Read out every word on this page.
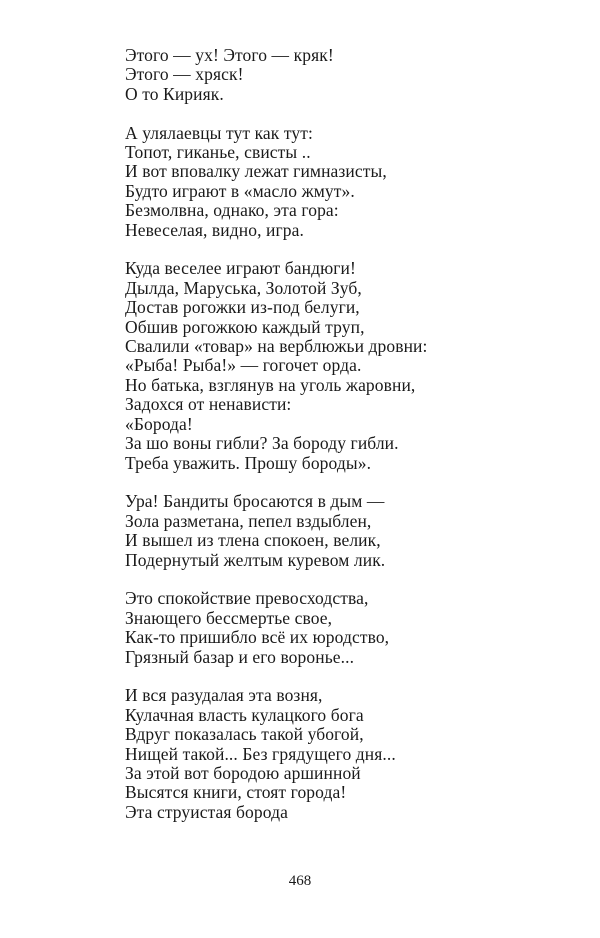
Этого — ух! Этого — кряк!
Этого — хряск!
О то Кирияк.
А улялаевцы тут как тут:
Топот, гиканье, свисты ..
И вот вповалку лежат гимназисты,
Будто играют в «масло жмут».
Безмолвна, однако, эта гора:
Невеселая, видно, игра.
Куда веселее играют бандюги!
Дылда, Маруська, Золотой Зуб,
Достав рогожки из-под белуги,
Обшив рогожкою каждый труп,
Свалили «товар» на верблюжьи дровни:
«Рыба! Рыба!» — гогочет орда.
Но батька, взглянув на уголь жаровни,
Задохся от ненависти:
«Борода!
За шо воны гибли? За бороду гибли.
Треба уважить. Прошу бороды».
Ура! Бандиты бросаются в дым —
Зола разметана, пепел вздыблен,
И вышел из тлена спокоен, велик,
Подернутый желтым куревом лик.
Это спокойствие превосходства,
Знающего бессмертье свое,
Как-то пришибло всё их юродство,
Грязный базар и его воронье...
И вся разудалая эта возня,
Кулачная власть кулацкого бога
Вдруг показалась такой убогой,
Нищей такой... Без грядущего дня...
За этой вот бородою аршинной
Высятся книги, стоят города!
Эта струистая борода
468
